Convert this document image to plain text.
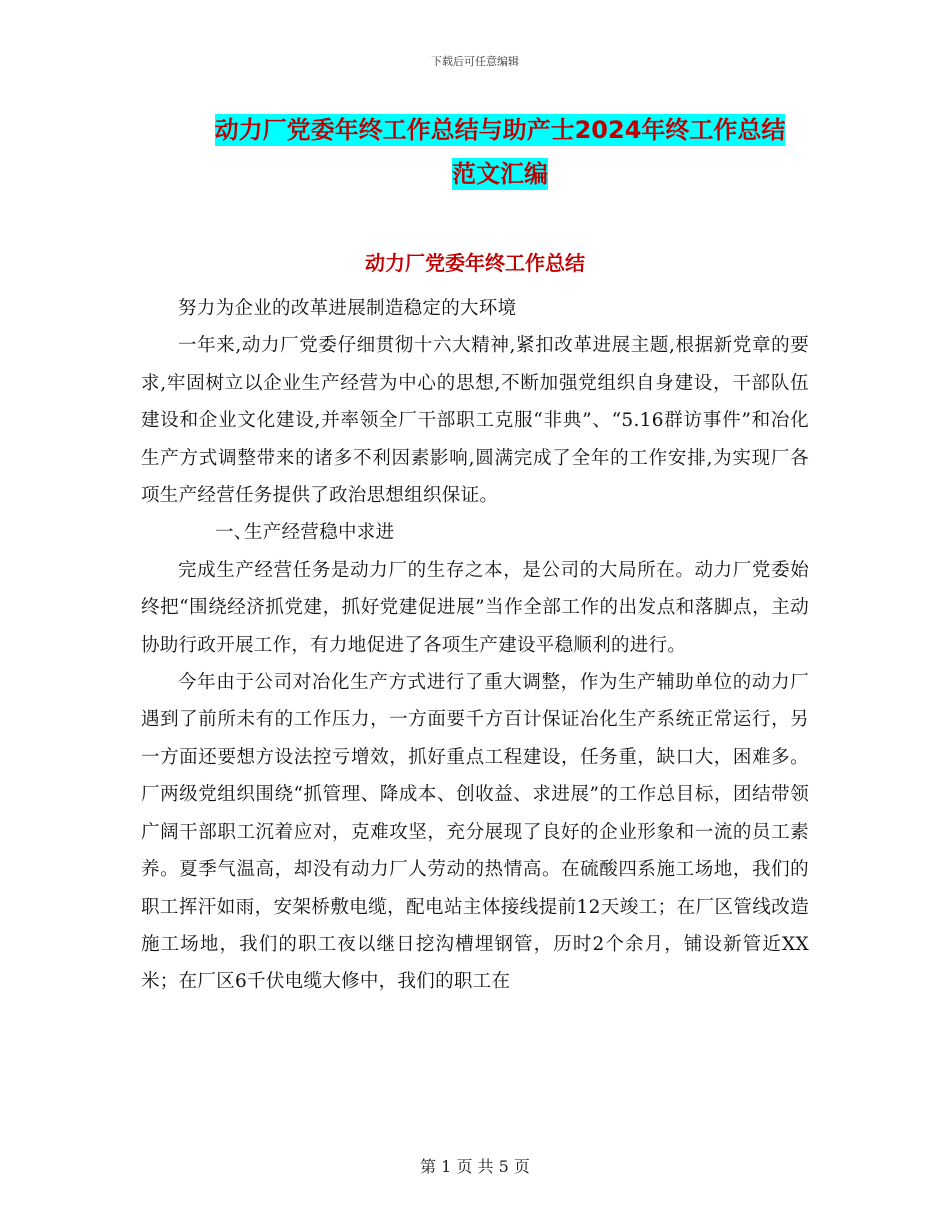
下载后可任意编辑
动力厂党委年终工作总结与助产士2024年终工作总结
范文汇编
动力厂党委年终工作总结

努力为企业的改革进展制造稳定的大环境

一年来,动力厂党委仔细贯彻十六大精神,紧扣改革进展主题,根据新党章的要求,牢固树立以企业生产经营为中心的思想,不断加强党组织自身建设，干部队伍建设和企业文化建设,并率领全厂干部职工克服“非典”、“5.16群访事件”和冶化生产方式调整带来的诸多不利因素影响,圆满完成了全年的工作安排,为实现厂各项生产经营任务提供了政治思想组织保证。

一、生产经营稳中求进

完成生产经营任务是动力厂的生存之本，是公司的大局所在。动力厂党委始终把“围绕经济抓党建，抓好党建促进展”当作全部工作的出发点和落脚点，主动协助行政开展工作，有力地促进了各项生产建设平稳顺利的进行。

今年由于公司对冶化生产方式进行了重大调整，作为生产辅助单位的动力厂遇到了前所未有的工作压力，一方面要千方百计保证冶化生产系统正常运行，另一方面还要想方设法控亏增效，抓好重点工程建设，任务重，缺口大，困难多。厂两级党组织围绕“抓管理、降成本、创收益、求进展”的工作总目标，团结带领广阔干部职工沉着应对，克难攻坚，充分展现了良好的企业形象和一流的员工素养。夏季气温高，却没有动力厂人劳动的热情高。在硫酸四系施工场地，我们的职工挥汗如雨，安架桥敷电缆，配电站主体接线提前12天竣工；在厂区管线改造施工场地，我们的职工夜以继日挖沟槽埋钢管，历时2个余月，铺设新管近XX米；在厂区6千伏电缆大修中，我们的职工在

第 1 页 共 5 页
